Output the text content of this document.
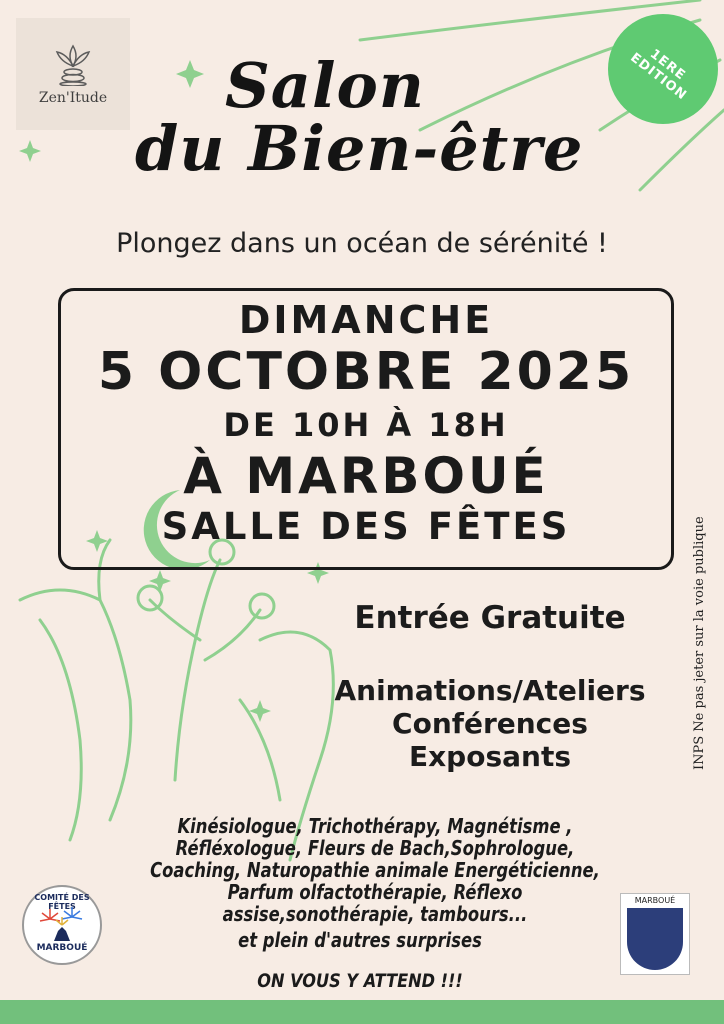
Zen'Itude
1ERE EDITION
Salon
du Bien-être
Plongez dans un océan de sérénité !
DIMANCHE
5 OCTOBRE 2025
DE 10H À 18H
À MARBOUÉ
SALLE DES FÊTES
Entrée Gratuite
Animations/Ateliers
Conférences
Exposants
Kinésiologue, Trichothérapy, Magnétisme , Réfléxologue, Fleurs de Bach,Sophrologue, Coaching, Naturopathie animale Energéticienne, Parfum olfactothérapie, Réflexo assise,sonothérapie, tambours...
et plein d'autres surprises
ON VOUS Y ATTEND !!!
INPS Ne pas jeter sur la voie publique
COMITÉ DES FÊTES
MARBOUÉ
MARBOUÉ
